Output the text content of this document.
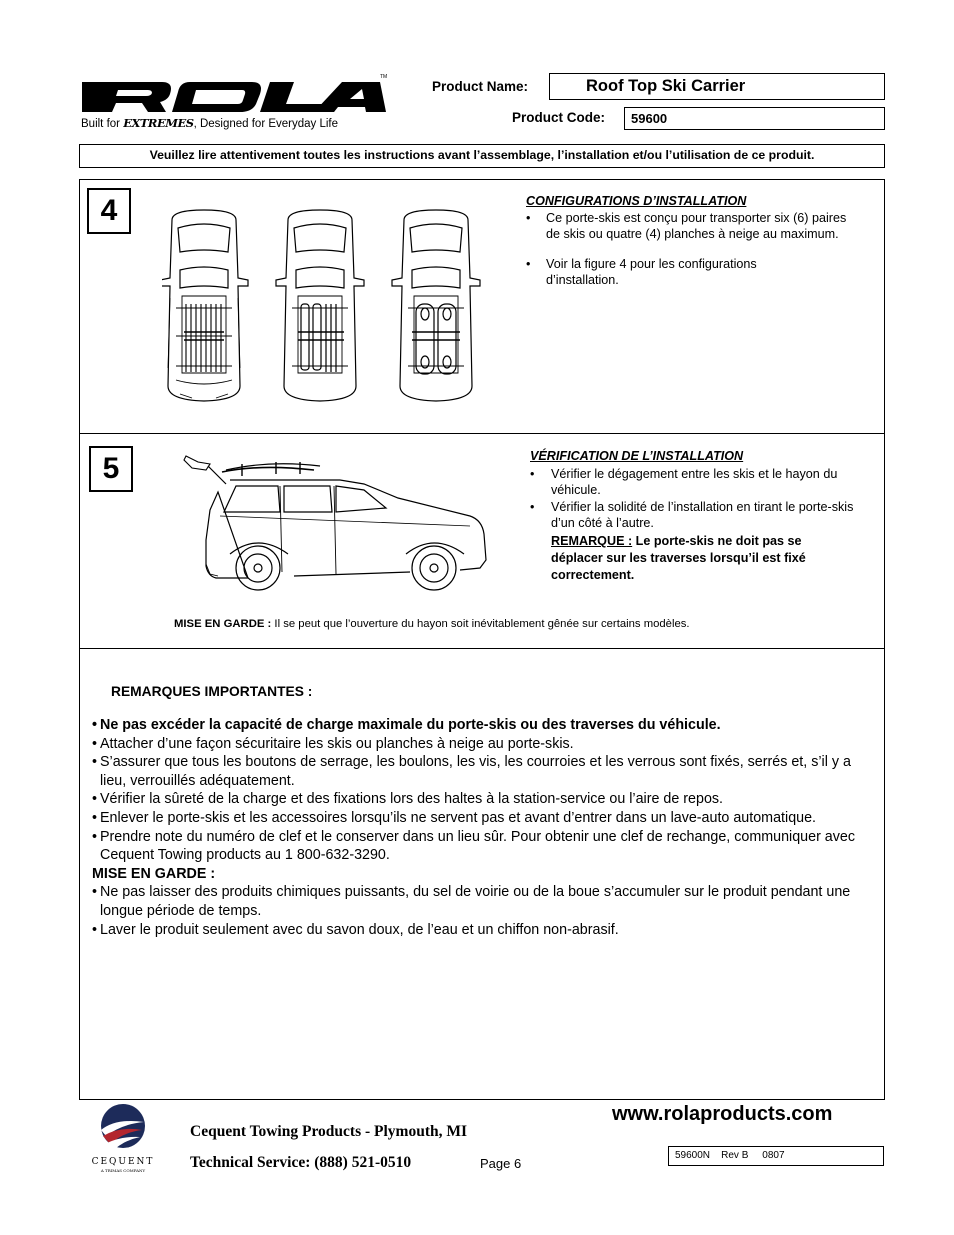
TM
Built for EXTREMES, Designed for Everyday Life
Product Name:	Roof Top Ski Carrier
Product Code: 59600
Veuillez lire attentivement toutes les instructions avant l’assemblage, l’installation et/ou l’utilisation de ce produit.
4	CONFIGURATIONS D’INSTALLATION
•	Ce porte-skis est conçu pour transporter six (6) paires de skis ou quatre (4) planches à neige au maximum.
•	Voir la figure 4 pour les configurations d’installation.
5	VÉRIFICATION DE L’INSTALLATION
•	Vérifier le dégagement entre les skis et le hayon du véhicule.
•	Vérifier la solidité de l’installation en tirant le porte-skis d’un côté à l’autre.
REMARQUE : Le porte-skis ne doit pas se déplacer sur les traverses lorsqu’il est fixé correctement.
MISE EN GARDE : Il se peut que l’ouverture du hayon soit inévitablement gênée sur certains modèles.
REMARQUES IMPORTANTES :
• Ne pas excéder la capacité de charge maximale du porte-skis ou des traverses du véhicule.
• Attacher d’une façon sécuritaire les skis ou planches à neige au porte-skis.
• S’assurer que tous les boutons de serrage, les boulons, les vis, les courroies et les verrous sont fixés, serrés et, s’il y a lieu, verrouillés adéquatement.
• Vérifier la sûreté de la charge et des fixations lors des haltes à la station-service ou l’aire de repos.
• Enlever le porte-skis et les accessoires lorsqu’ils ne servent pas et avant d’entrer dans un lave-auto automatique.
• Prendre note du numéro de clef et le conserver dans un lieu sûr. Pour obtenir une clef de rechange, communiquer avec Cequent Towing products au 1 800-632-3290.
MISE EN GARDE :
• Ne pas laisser des produits chimiques puissants, du sel de voirie ou de la boue s’accumuler sur le produit pendant une longue période de temps.
• Laver le produit seulement avec du savon doux, de l’eau et un chiffon non-abrasif.
CEQUENT
A TRIMAS COMPANY
Cequent Towing Products - Plymouth, MI
Technical Service: (888) 521-0510	Page 6
www.rolaproducts.com
59600N    Rev B     0807
